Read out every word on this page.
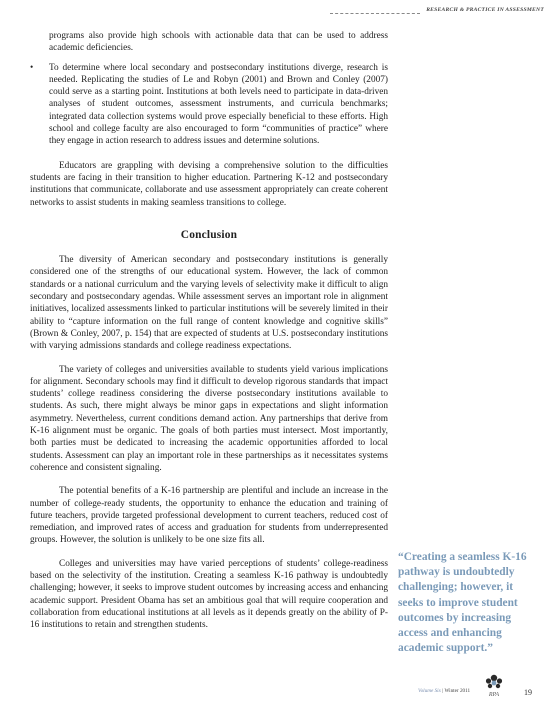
RESEARCH & PRACTICE IN ASSESSMENT

programs also provide high schools with actionable data that can be used to address academic deficiencies.

• To determine where local secondary and postsecondary institutions diverge, research is needed. Replicating the studies of Le and Robyn (2001) and Brown and Conley (2007) could serve as a starting point. Institutions at both levels need to participate in data-driven analyses of student outcomes, assessment instruments, and curricula benchmarks; integrated data collection systems would prove especially beneficial to these efforts. High school and college faculty are also encouraged to form “communities of practice” where they engage in action research to address issues and determine solutions.

Educators are grappling with devising a comprehensive solution to the difficulties students are facing in their transition to higher education. Partnering K-12 and postsecondary institutions that communicate, collaborate and use assessment appropriately can create coherent networks to assist students in making seamless transitions to college.

Conclusion

The diversity of American secondary and postsecondary institutions is generally considered one of the strengths of our educational system. However, the lack of common standards or a national curriculum and the varying levels of selectivity make it difficult to align secondary and postsecondary agendas. While assessment serves an important role in alignment initiatives, localized assessments linked to particular institutions will be severely limited in their ability to “capture information on the full range of content knowledge and cognitive skills” (Brown & Conley, 2007, p. 154) that are expected of students at U.S. postsecondary institutions with varying admissions standards and college readiness expectations.

The variety of colleges and universities available to students yield various implications for alignment. Secondary schools may find it difficult to develop rigorous standards that impact students’ college readiness considering the diverse postsecondary institutions available to students. As such, there might always be minor gaps in expectations and slight information asymmetry. Nevertheless, current conditions demand action. Any partnerships that derive from K-16 alignment must be organic. The goals of both parties must intersect. Most importantly, both parties must be dedicated to increasing the academic opportunities afforded to local students. Assessment can play an important role in these partnerships as it necessitates systems coherence and consistent signaling.

The potential benefits of a K-16 partnership are plentiful and include an increase in the number of college-ready students, the opportunity to enhance the education and training of future teachers, provide targeted professional development to current teachers, reduced cost of remediation, and improved rates of access and graduation for students from underrepresented groups. However, the solution is unlikely to be one size fits all.

Colleges and universities may have varied perceptions of students’ college-readiness based on the selectivity of the institution. Creating a seamless K-16 pathway is undoubtedly challenging; however, it seeks to improve student outcomes by increasing access and enhancing academic support. President Obama has set an ambitious goal that will require cooperation and collaboration from educational institutions at all levels as it depends greatly on the ability of P-16 institutions to retain and strengthen students.

“Creating a seamless K-16 pathway is undoubtedly challenging; however, it seeks to improve student outcomes by increasing access and enhancing academic support.”
Volume Six | Winter 2011
RPA	19
